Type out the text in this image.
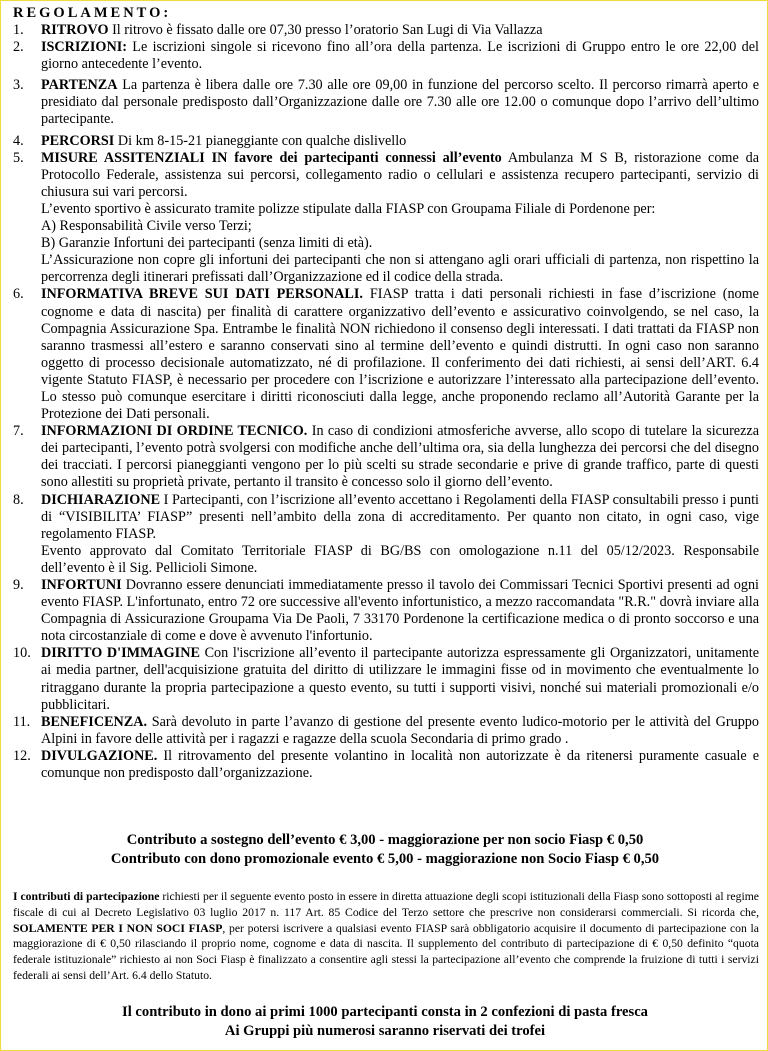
REGOLAMENTO:

1.	RITROVO Il ritrovo è fissato dalle ore 07,30 presso l’oratorio San Lugi di Via Vallazza

2.	ISCRIZIONI: Le iscrizioni singole si ricevono fino all’ora della partenza. Le iscrizioni di Gruppo entro le ore 22,00 del giorno antecedente l’evento.

3.	PARTENZA La partenza è libera dalle ore 7.30 alle ore 09,00 in funzione del percorso scelto. Il percorso rimarrà aperto e presidiato dal personale predisposto dall’Organizzazione dalle ore 7.30 alle ore 12.00 o comunque dopo l’arrivo dell’ultimo partecipante.

4.	PERCORSI Di km 8-15-21 pianeggiante con qualche dislivello

5.	MISURE ASSITENZIALI IN favore dei partecipanti connessi all’evento Ambulanza M S B, ristorazione come da Protocollo Federale, assistenza sui percorsi, collegamento radio o cellulari e assistenza recupero partecipanti, servizio di chiusura sui vari percorsi.

L’evento sportivo è assicurato tramite polizze stipulate dalla FIASP con Groupama Filiale di Pordenone per:

A) Responsabilità Civile verso Terzi;

B) Garanzie Infortuni dei partecipanti (senza limiti di età).

L’Assicurazione non copre gli infortuni dei partecipanti che non si attengano agli orari ufficiali di partenza, non rispettino la percorrenza degli itinerari prefissati dall’Organizzazione ed il codice della strada.

6.	INFORMATIVA BREVE SUI DATI PERSONALI. FIASP tratta i dati personali richiesti in fase d’iscrizione (nome cognome e data di nascita) per finalità di carattere organizzativo dell’evento e assicurativo coinvolgendo, se nel caso, la Compagnia Assicurazione Spa. Entrambe le finalità NON richiedono il consenso degli interessati. I dati trattati da FIASP non saranno trasmessi all’estero e saranno conservati sino al termine dell’evento e quindi distrutti. In ogni caso non saranno oggetto di processo decisionale automatizzato, né di profilazione. Il conferimento dei dati richiesti, ai sensi dell’ART. 6.4 vigente Statuto FIASP, è necessario per procedere con l’iscrizione e autorizzare l’interessato alla partecipazione dell’evento. Lo stesso può comunque esercitare i diritti riconosciuti dalla legge, anche proponendo reclamo all’Autorità Garante per la Protezione dei Dati personali.

7.	INFORMAZIONI DI ORDINE TECNICO. In caso di condizioni atmosferiche avverse, allo scopo di tutelare la sicurezza dei partecipanti, l’evento potrà svolgersi con modifiche anche dell’ultima ora, sia della lunghezza dei percorsi che del disegno dei tracciati. I percorsi pianeggianti vengono per lo più scelti su strade secondarie e prive di grande traffico, parte di questi sono allestiti su proprietà private, pertanto il transito è concesso solo il giorno dell’evento.

8.	DICHIARAZIONE I Partecipanti, con l’iscrizione all’evento accettano i Regolamenti della FIASP consultabili presso i punti di “VISIBILITA’ FIASP” presenti nell’ambito della zona di accreditamento. Per quanto non citato, in ogni caso, vige regolamento FIASP.

Evento approvato dal Comitato Territoriale FIASP di BG/BS con omologazione n.11 del 05/12/2023. Responsabile dell’evento è il Sig. Pellicioli Simone.

9.	INFORTUNI Dovranno essere denunciati immediatamente presso il tavolo dei Commissari Tecnici Sportivi presenti ad ogni evento FIASP. L'infortunato, entro 72 ore successive all'evento infortunistico, a mezzo raccomandata "R.R." dovrà inviare alla Compagnia di Assicurazione Groupama Via De Paoli, 7 33170 Pordenone la certificazione medica o di pronto soccorso e una nota circostanziale di come e dove è avvenuto l'infortunio.

10. DIRITTO D'IMMAGINE Con l'iscrizione all’evento il partecipante autorizza espressamente gli Organizzatori, unitamente ai media partner, dell'acquisizione gratuita del diritto di utilizzare le immagini fisse od in movimento che eventualmente lo ritraggano durante la propria partecipazione a questo evento, su tutti i supporti visivi, nonché sui materiali promozionali e/o pubblicitari.

11. BENEFICENZA. Sarà devoluto in parte l’avanzo di gestione del presente evento ludico-motorio per le attività del Gruppo Alpini in favore delle attività per i ragazzi e ragazze della scuola Secondaria di primo grado .

12. DIVULGAZIONE. Il ritrovamento del presente volantino in località non autorizzate è da ritenersi puramente casuale e comunque non predisposto dall’organizzazione.

Contributo a sostegno dell’evento € 3,00 - maggiorazione per non socio Fiasp € 0,50

Contributo con dono promozionale evento € 5,00 - maggiorazione non Socio Fiasp € 0,50

I contributi di partecipazione richiesti per il seguente evento posto in essere in diretta attuazione degli scopi istituzionali della Fiasp sono sottoposti al regime fiscale di cui al Decreto Legislativo 03 luglio 2017 n. 117 Art. 85 Codice del Terzo settore che prescrive non considerarsi commerciali. Si ricorda che, SOLAMENTE PER I NON SOCI FIASP, per potersi iscrivere a qualsiasi evento FIASP sarà obbligatorio acquisire il documento di partecipazione con la maggiorazione di € 0,50 rilasciando il proprio nome, cognome e data di nascita. Il supplemento del contributo di partecipazione di € 0,50 definito “quota federale istituzionale” richiesto ai non Soci Fiasp è finalizzato a consentire agli stessi la partecipazione all’evento che comprende la fruizione di tutti i servizi federali ai sensi dell’Art. 6.4 dello Statuto.

Il contributo in dono ai primi 1000 partecipanti consta in 2 confezioni di pasta fresca

Ai Gruppi più numerosi saranno riservati dei trofei
